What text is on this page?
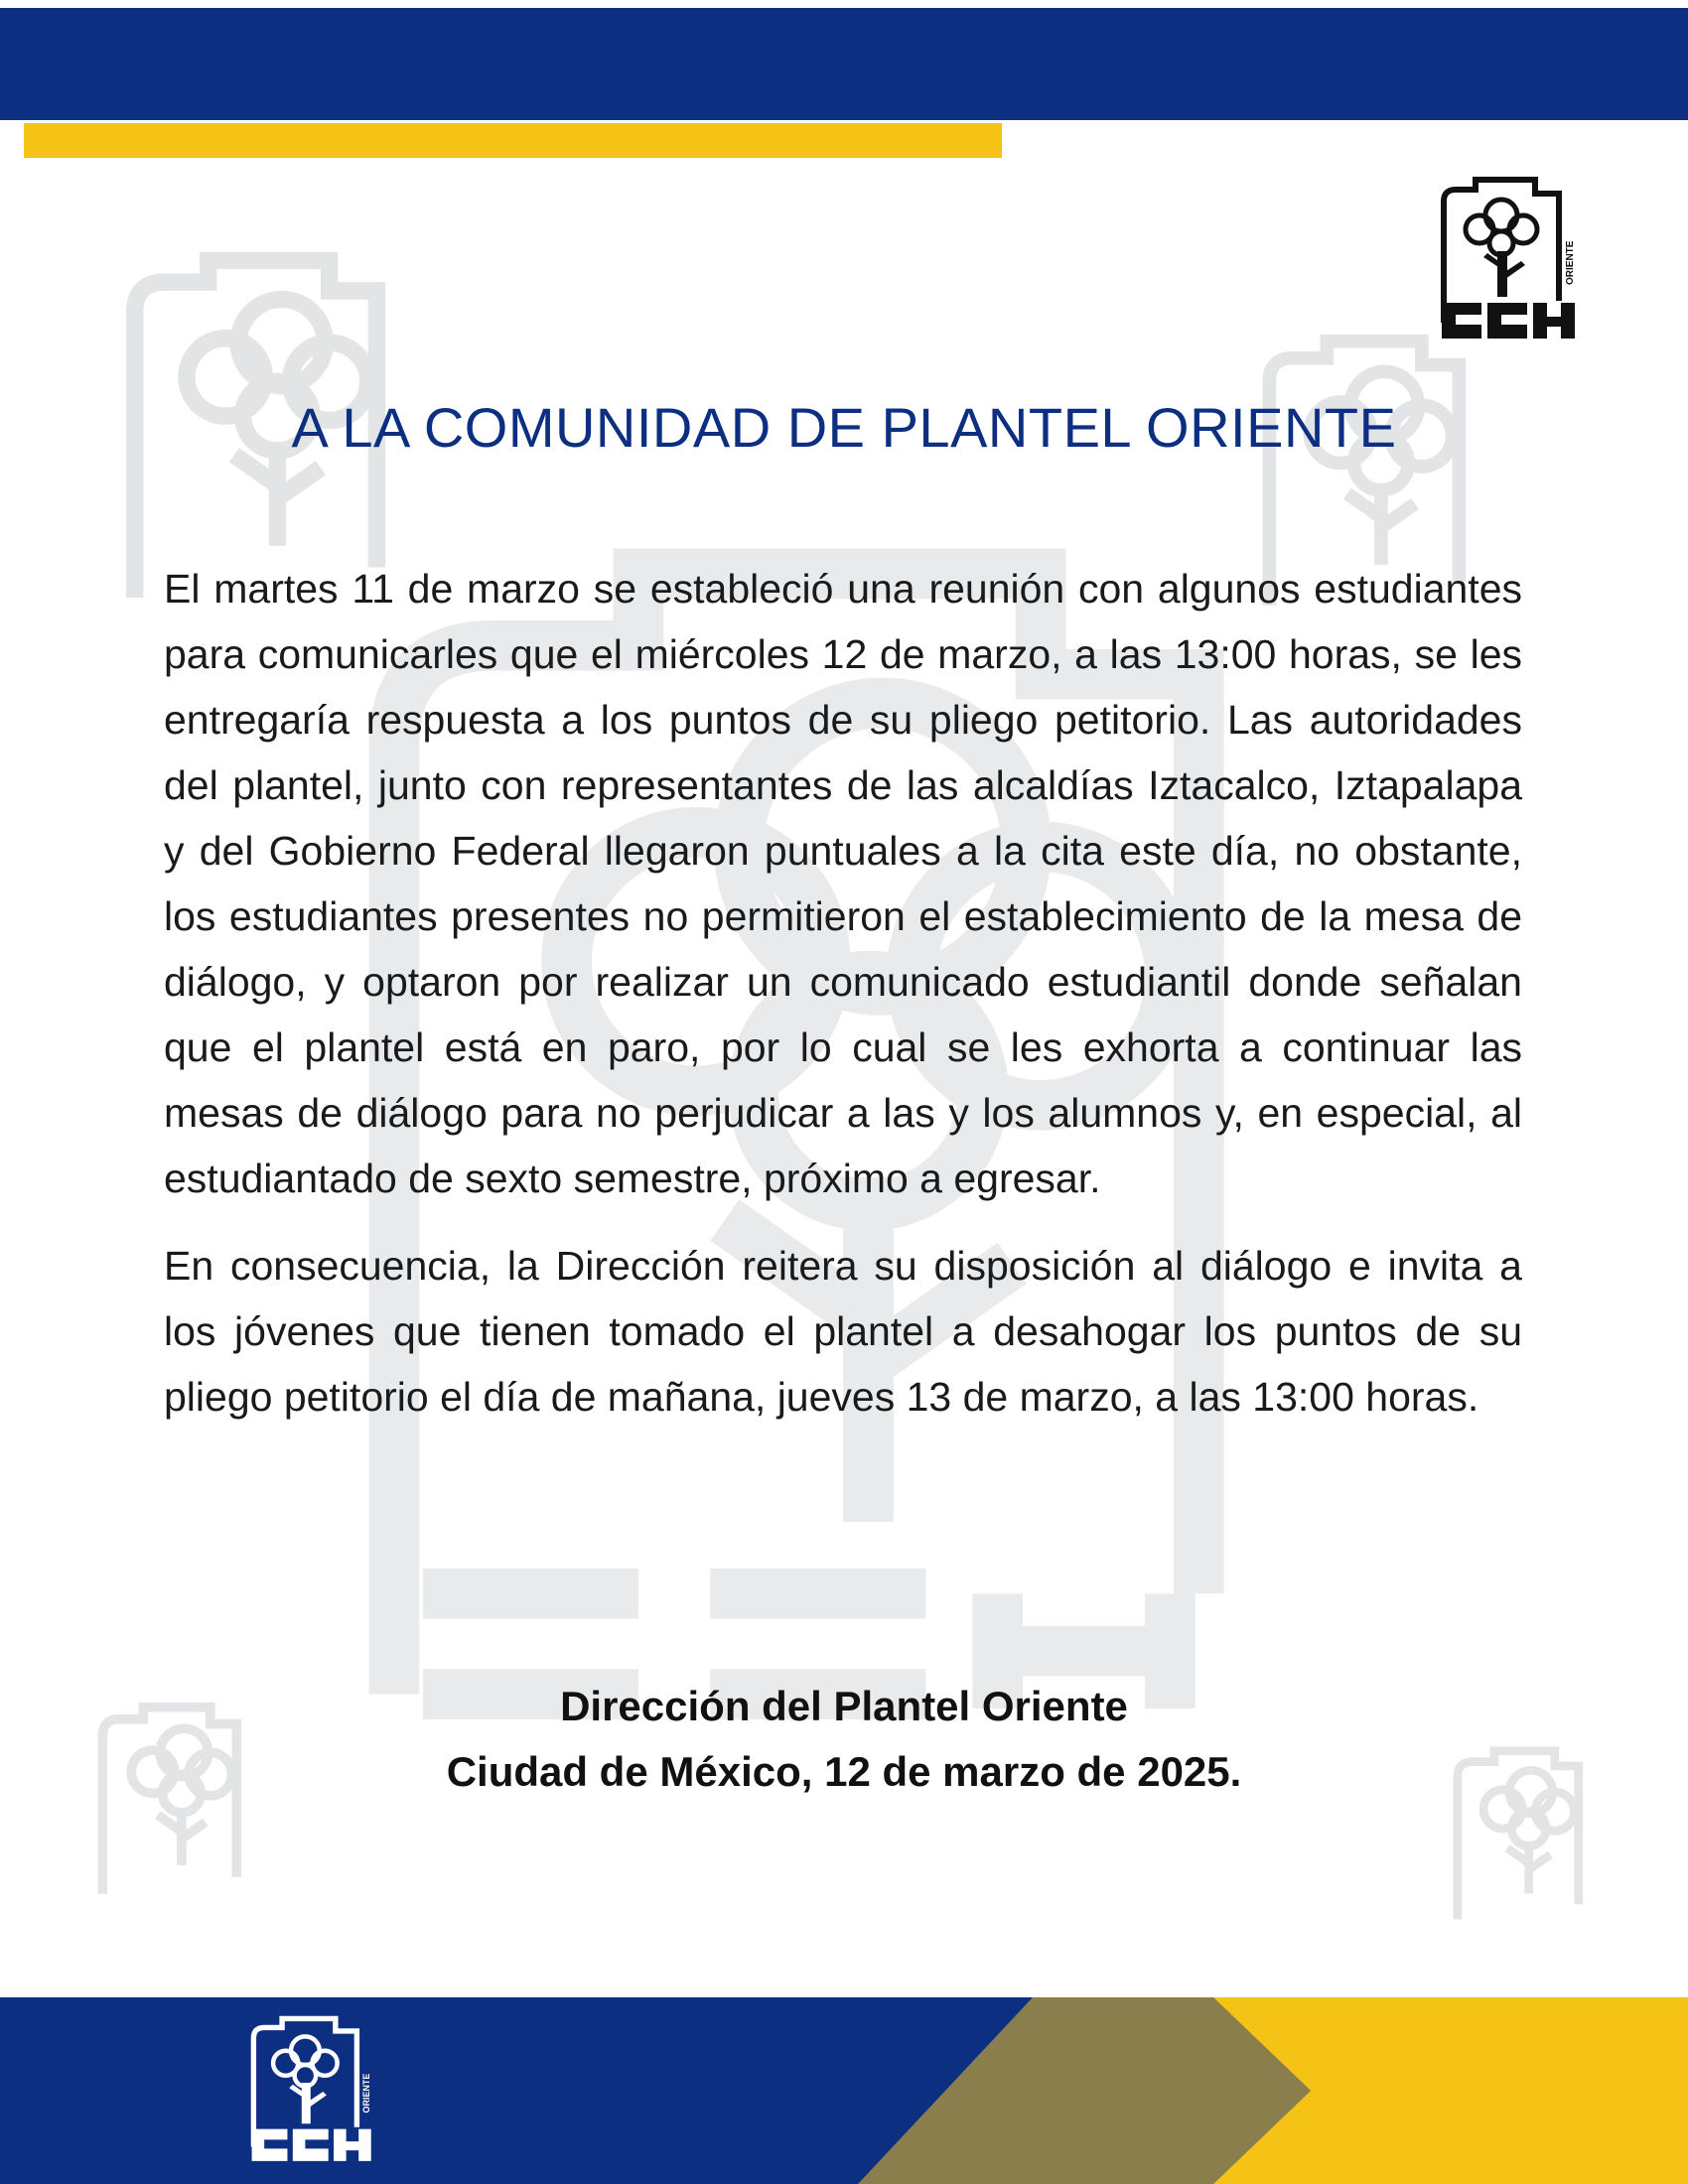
ORIENTE
A LA COMUNIDAD DE PLANTEL ORIENTE

El martes 11 de marzo se estableció una reunión con algunos estudiantes para comunicarles que el miércoles 12 de marzo, a las 13:00 horas, se les entregaría respuesta a los puntos de su pliego petitorio. Las autoridades del plantel, junto con representantes de las alcaldías Iztacalco, Iztapalapa y del Gobierno Federal llegaron puntuales a la cita este día, no obstante, los estudiantes presentes no permitieron el establecimiento de la mesa de diálogo, y optaron por realizar un comunicado estudiantil donde señalan que el plantel está en paro, por lo cual se les exhorta a continuar las mesas de diálogo para no perjudicar a las y los alumnos y, en especial, al estudiantado de sexto semestre, próximo a egresar.

En consecuencia, la Dirección reitera su disposición al diálogo e invita a los jóvenes que tienen tomado el plantel a desahogar los puntos de su pliego petitorio el día de mañana, jueves 13 de marzo, a las 13:00 horas.

Dirección del Plantel Oriente
Ciudad de México, 12 de marzo de 2025.
ORIENTE
